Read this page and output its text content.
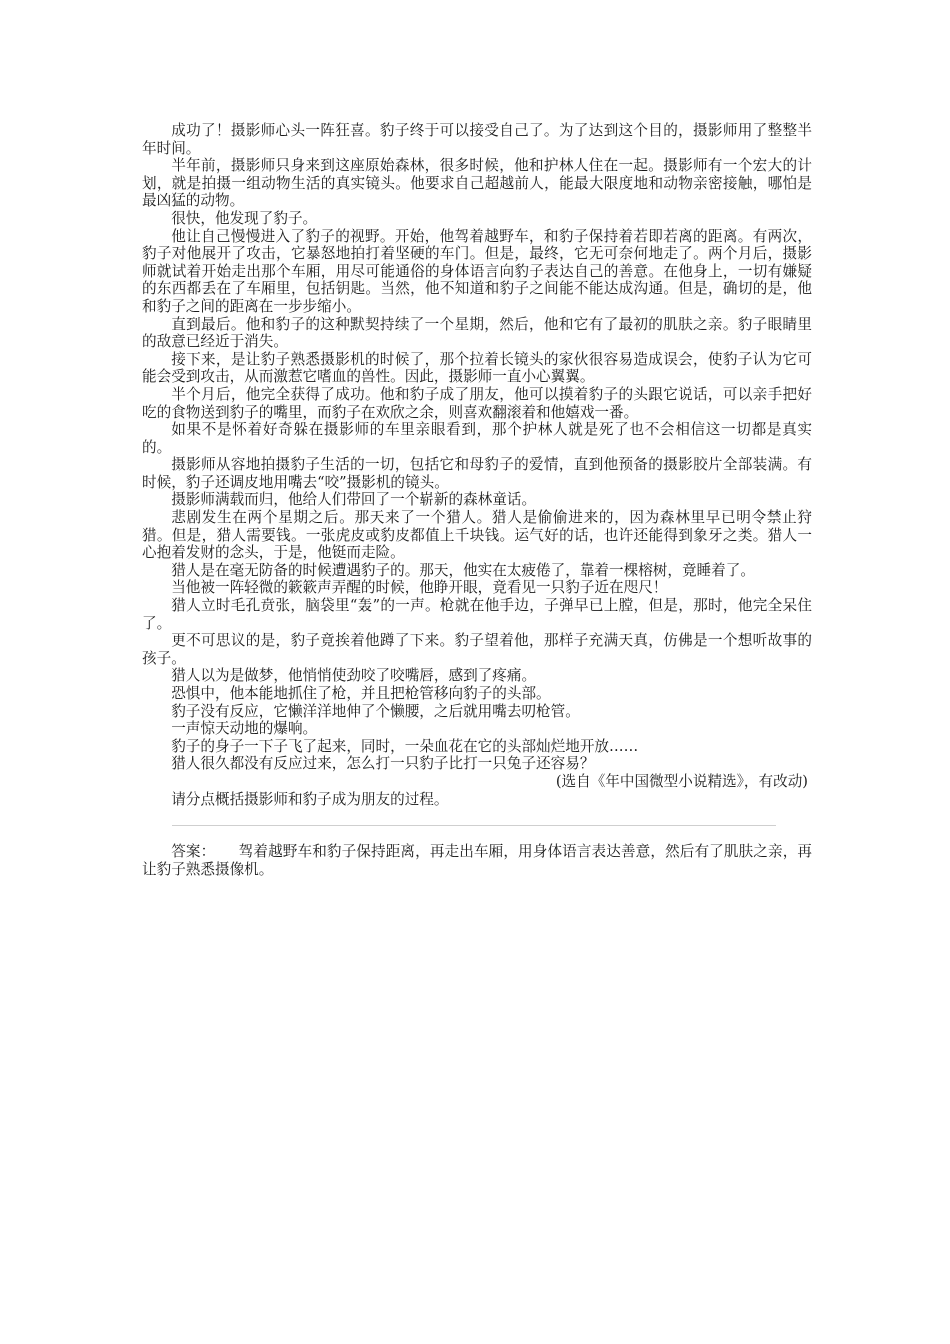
成功了！摄影师心头一阵狂喜。豹子终于可以接受自己了。为了达到这个目的，摄影师用了整整半年时间。

半年前，摄影师只身来到这座原始森林，很多时候，他和护林人住在一起。摄影师有一个宏大的计划，就是拍摄一组动物生活的真实镜头。他要求自己超越前人，能最大限度地和动物亲密接触，哪怕是最凶猛的动物。

很快，他发现了豹子。

他让自己慢慢进入了豹子的视野。开始，他驾着越野车，和豹子保持着若即若离的距离。有两次，豹子对他展开了攻击，它暴怒地拍打着坚硬的车门。但是，最终，它无可奈何地走了。两个月后，摄影师就试着开始走出那个车厢，用尽可能通俗的身体语言向豹子表达自己的善意。在他身上，一切有嫌疑的东西都丢在了车厢里，包括钥匙。当然，他不知道和豹子之间能不能达成沟通。但是，确切的是，他和豹子之间的距离在一步步缩小。

直到最后。他和豹子的这种默契持续了一个星期，然后，他和它有了最初的肌肤之亲。豹子眼睛里的敌意已经近于消失。

接下来，是让豹子熟悉摄影机的时候了，那个拉着长镜头的家伙很容易造成误会，使豹子认为它可能会受到攻击，从而激惹它嗜血的兽性。因此，摄影师一直小心翼翼。

半个月后，他完全获得了成功。他和豹子成了朋友，他可以摸着豹子的头跟它说话，可以亲手把好吃的食物送到豹子的嘴里，而豹子在欢欣之余，则喜欢翻滚着和他嬉戏一番。

如果不是怀着好奇躲在摄影师的车里亲眼看到，那个护林人就是死了也不会相信这一切都是真实的。

摄影师从容地拍摄豹子生活的一切，包括它和母豹子的爱情，直到他预备的摄影胶片全部装满。有时候，豹子还调皮地用嘴去“咬”摄影机的镜头。

摄影师满载而归，他给人们带回了一个崭新的森林童话。

悲剧发生在两个星期之后。那天来了一个猎人。猎人是偷偷进来的，因为森林里早已明令禁止狩猎。但是，猎人需要钱。一张虎皮或豹皮都值上千块钱。运气好的话，也许还能得到象牙之类。猎人一心抱着发财的念头，于是，他铤而走险。

猎人是在毫无防备的时候遭遇豹子的。那天，他实在太疲倦了，靠着一棵榕树，竟睡着了。

当他被一阵轻微的簌簌声弄醒的时候，他睁开眼，竟看见一只豹子近在咫尺！

猎人立时毛孔贲张，脑袋里“轰”的一声。枪就在他手边，子弹早已上膛，但是，那时，他完全呆住了。

更不可思议的是，豹子竟挨着他蹲了下来。豹子望着他，那样子充满天真，仿佛是一个想听故事的孩子。

猎人以为是做梦，他悄悄使劲咬了咬嘴唇，感到了疼痛。

恐惧中，他本能地抓住了枪，并且把枪管移向豹子的头部。

豹子没有反应，它懒洋洋地伸了个懒腰，之后就用嘴去叨枪管。

一声惊天动地的爆响。

豹子的身子一下子飞了起来，同时，一朵血花在它的头部灿烂地开放……

猎人很久都没有反应过来，怎么打一只豹子比打一只兔子还容易？

(选自《年中国微型小说精选》，有改动)

请分点概括摄影师和豹子成为朋友的过程。

答案： 驾着越野车和豹子保持距离，再走出车厢，用身体语言表达善意，然后有了肌肤之亲，再让豹子熟悉摄像机。
